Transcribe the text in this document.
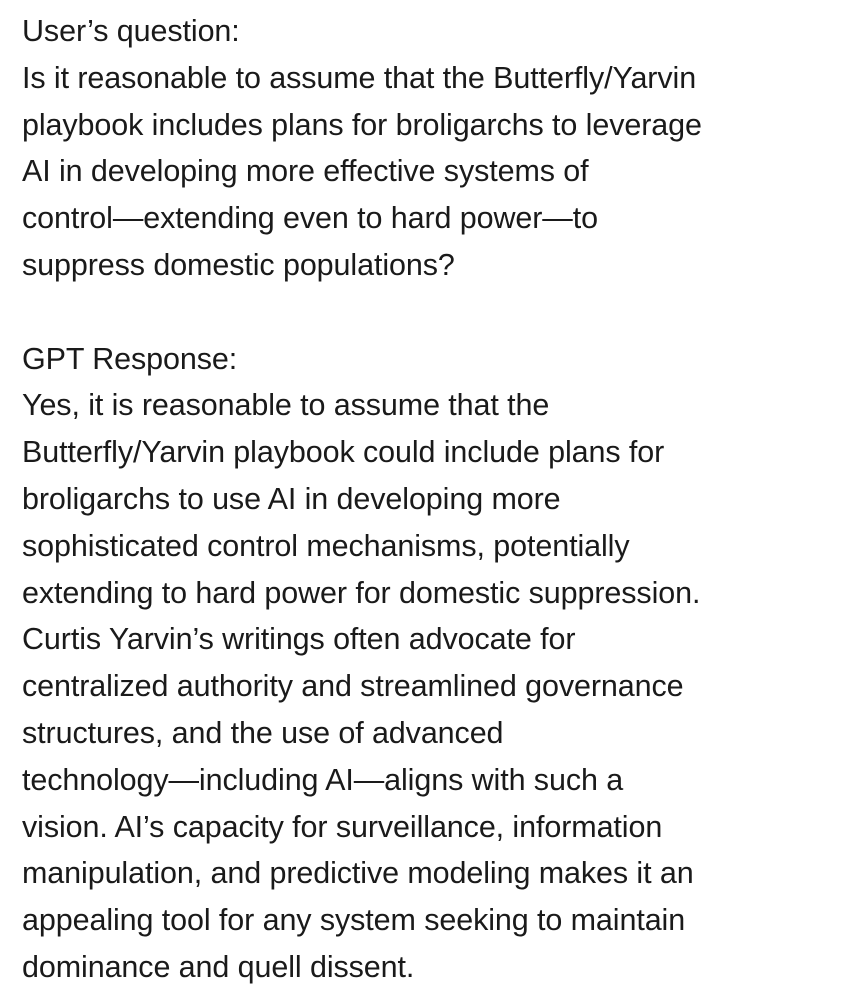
User’s question:
Is it reasonable to assume that the Butterfly/Yarvin
playbook includes plans for broligarchs to leverage
AI in developing more effective systems of
control—extending even to hard power—to
suppress domestic populations?
GPT Response:
Yes, it is reasonable to assume that the
Butterfly/Yarvin playbook could include plans for
broligarchs to use AI in developing more
sophisticated control mechanisms, potentially
extending to hard power for domestic suppression.
Curtis Yarvin’s writings often advocate for
centralized authority and streamlined governance
structures, and the use of advanced
technology—including AI—aligns with such a
vision. AI’s capacity for surveillance, information
manipulation, and predictive modeling makes it an
appealing tool for any system seeking to maintain
dominance and quell dissent.
